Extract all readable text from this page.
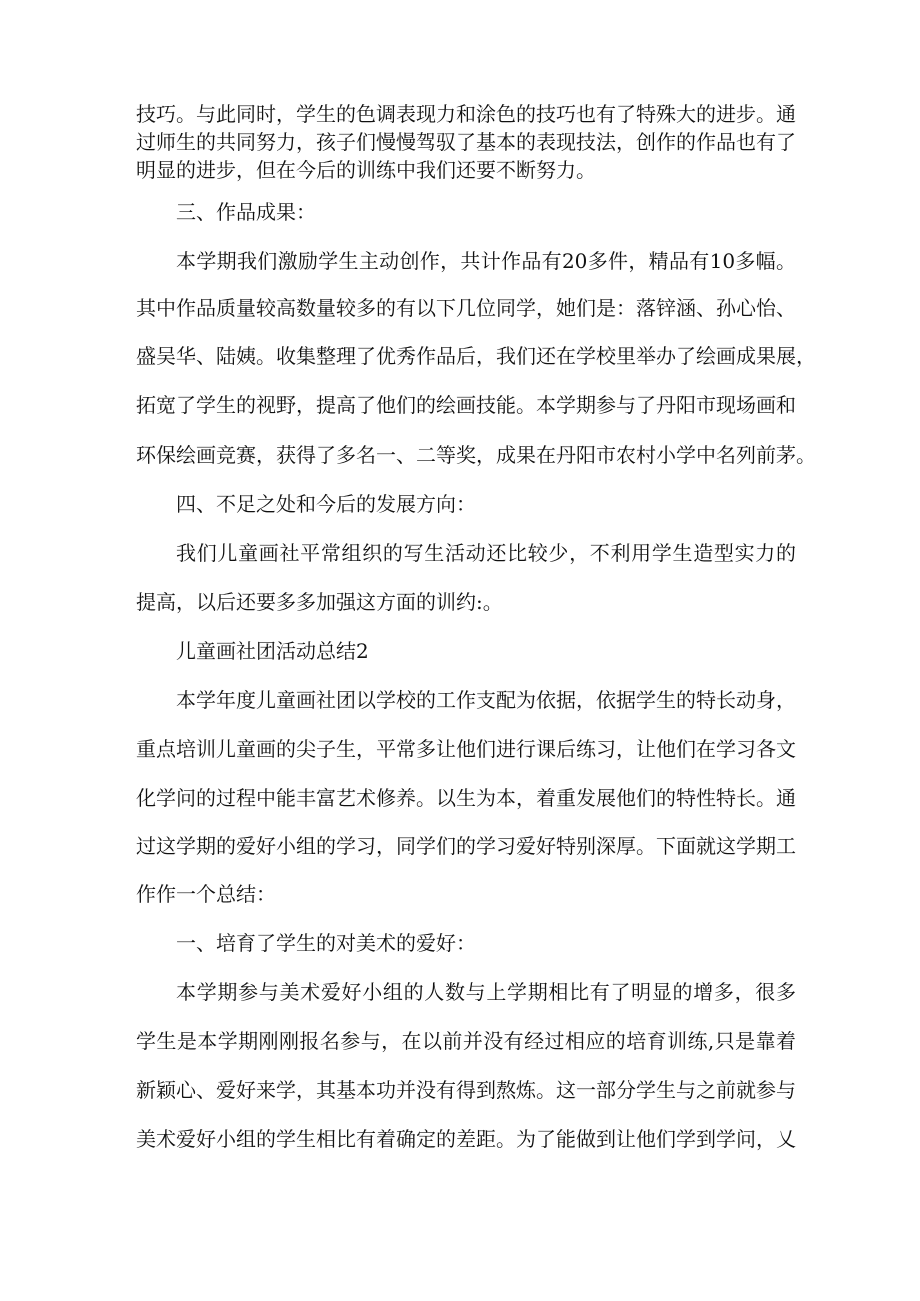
技巧。与此同时，学生的色调表现力和涂色的技巧也有了特殊大的进步。通
过师生的共同努力，孩子们慢慢驾驭了基本的表现技法，创作的作品也有了
明显的进步，但在今后的训练中我们还要不断努力。
三、作品成果：
本学期我们激励学生主动创作，共计作品有20多件，精品有10多幅。
其中作品质量较高数量较多的有以下几位同学，她们是：落锌涵、孙心怡、
盛吴华、陆姨。收集整理了优秀作品后，我们还在学校里举办了绘画成果展，
拓宽了学生的视野，提高了他们的绘画技能。本学期参与了丹阳市现场画和
环保绘画竞赛，获得了多名一、二等奖，成果在丹阳市农村小学中名列前茅。
四、不足之处和今后的发展方向：
我们儿童画社平常组织的写生活动还比较少，不利用学生造型实力的
提高，以后还要多多加强这方面的训约:。
儿童画社团活动总结2
本学年度儿童画社团以学校的工作支配为依据，依据学生的特长动身，
重点培训儿童画的尖子生，平常多让他们进行课后练习，让他们在学习各文
化学问的过程中能丰富艺术修养。以生为本，着重发展他们的特性特长。通
过这学期的爱好小组的学习，同学们的学习爱好特别深厚。下面就这学期工
作作一个总结：
一、培育了学生的对美术的爱好：
本学期参与美术爱好小组的人数与上学期相比有了明显的增多，很多
学生是本学期刚刚报名参与，在以前并没有经过相应的培育训练,只是靠着
新颖心、爱好来学，其基本功并没有得到熬炼。这一部分学生与之前就参与
美术爱好小组的学生相比有着确定的差距。为了能做到让他们学到学问，乂
